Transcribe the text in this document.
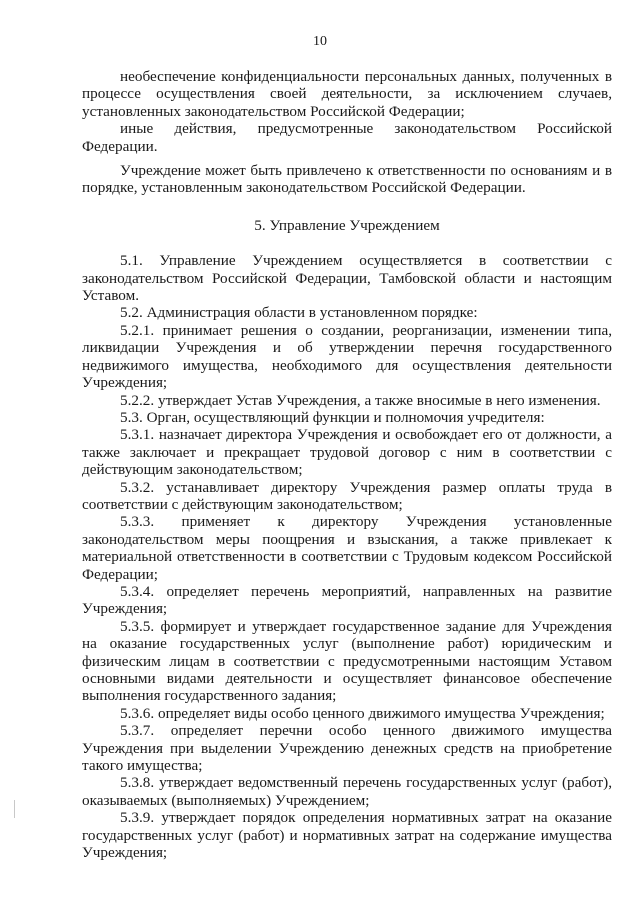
10

необеспечение конфиденциальности персональных данных, полученных в процессе осуществления своей деятельности, за исключением случаев, установленных законодательством Российской Федерации;

иные действия, предусмотренные законодательством Российской Федерации.

Учреждение может быть привлечено к ответственности по основаниям и в порядке, установленным законодательством Российской Федерации.

5. Управление Учреждением

5.1. Управление Учреждением осуществляется в соответствии с законодательством Российской Федерации, Тамбовской области и настоящим Уставом.

5.2. Администрация области в установленном порядке:

5.2.1. принимает решения о создании, реорганизации, изменении типа, ликвидации Учреждения и об утверждении перечня государственного недвижимого имущества, необходимого для осуществления деятельности Учреждения;

5.2.2. утверждает Устав Учреждения, а также вносимые в него изменения.

5.3. Орган, осуществляющий функции и полномочия учредителя:

5.3.1. назначает директора Учреждения и освобождает его от должности, а также заключает и прекращает трудовой договор с ним в соответствии с действующим законодательством;

5.3.2. устанавливает директору Учреждения размер оплаты труда в соответствии с действующим законодательством;

5.3.3. применяет к директору Учреждения установленные законодательством меры поощрения и взыскания, а также привлекает к материальной ответственности в соответствии с Трудовым кодексом Российской Федерации;

5.3.4. определяет перечень мероприятий, направленных на развитие Учреждения;

5.3.5. формирует и утверждает государственное задание для Учреждения на оказание государственных услуг (выполнение работ) юридическим и физическим лицам в соответствии с предусмотренными настоящим Уставом основными видами деятельности и осуществляет финансовое обеспечение выполнения государственного задания;

5.3.6. определяет виды особо ценного движимого имущества Учреждения;

5.3.7. определяет перечни особо ценного движимого имущества Учреждения при выделении Учреждению денежных средств на приобретение такого имущества;

5.3.8. утверждает ведомственный перечень государственных услуг (работ), оказываемых (выполняемых) Учреждением;

5.3.9. утверждает порядок определения нормативных затрат на оказание государственных услуг (работ) и нормативных затрат на содержание имущества Учреждения;
